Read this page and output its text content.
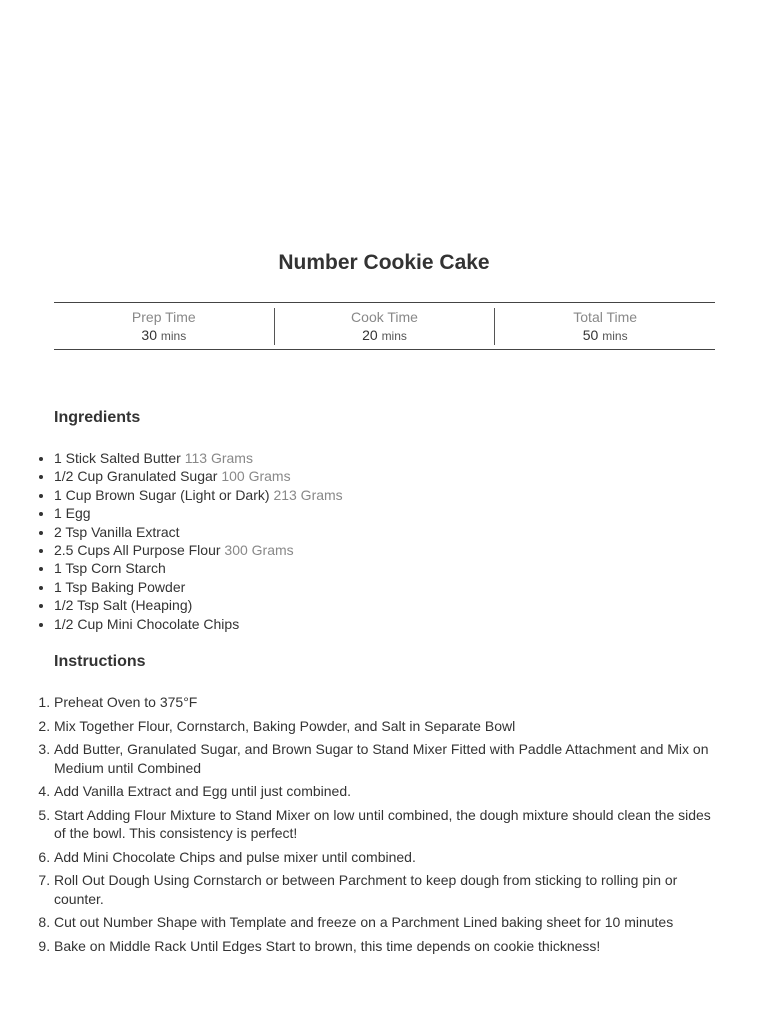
Number Cookie Cake
Prep Time
30 mins
Cook Time
20 mins
Total Time
50 mins
Ingredients
• 1 Stick Salted Butter 113 Grams
• 1/2 Cup Granulated Sugar 100 Grams
• 1 Cup Brown Sugar (Light or Dark) 213 Grams
• 1 Egg
• 2 Tsp Vanilla Extract
• 2.5 Cups All Purpose Flour 300 Grams
• 1 Tsp Corn Starch
• 1 Tsp Baking Powder
• 1/2 Tsp Salt (Heaping)
• 1/2 Cup Mini Chocolate Chips
Instructions
1. Preheat Oven to 375°F
2. Mix Together Flour, Cornstarch, Baking Powder, and Salt in Separate Bowl
3. Add Butter, Granulated Sugar, and Brown Sugar to Stand Mixer Fitted with Paddle Attachment and Mix on Medium until Combined
4. Add Vanilla Extract and Egg until just combined.
5. Start Adding Flour Mixture to Stand Mixer on low until combined, the dough mixture should clean the sides of the bowl. This consistency is perfect!
6. Add Mini Chocolate Chips and pulse mixer until combined.
7. Roll Out Dough Using Cornstarch or between Parchment to keep dough from sticking to rolling pin or counter.
8. Cut out Number Shape with Template and freeze on a Parchment Lined baking sheet for 10 minutes
9. Bake on Middle Rack Until Edges Start to brown, this time depends on cookie thickness!
